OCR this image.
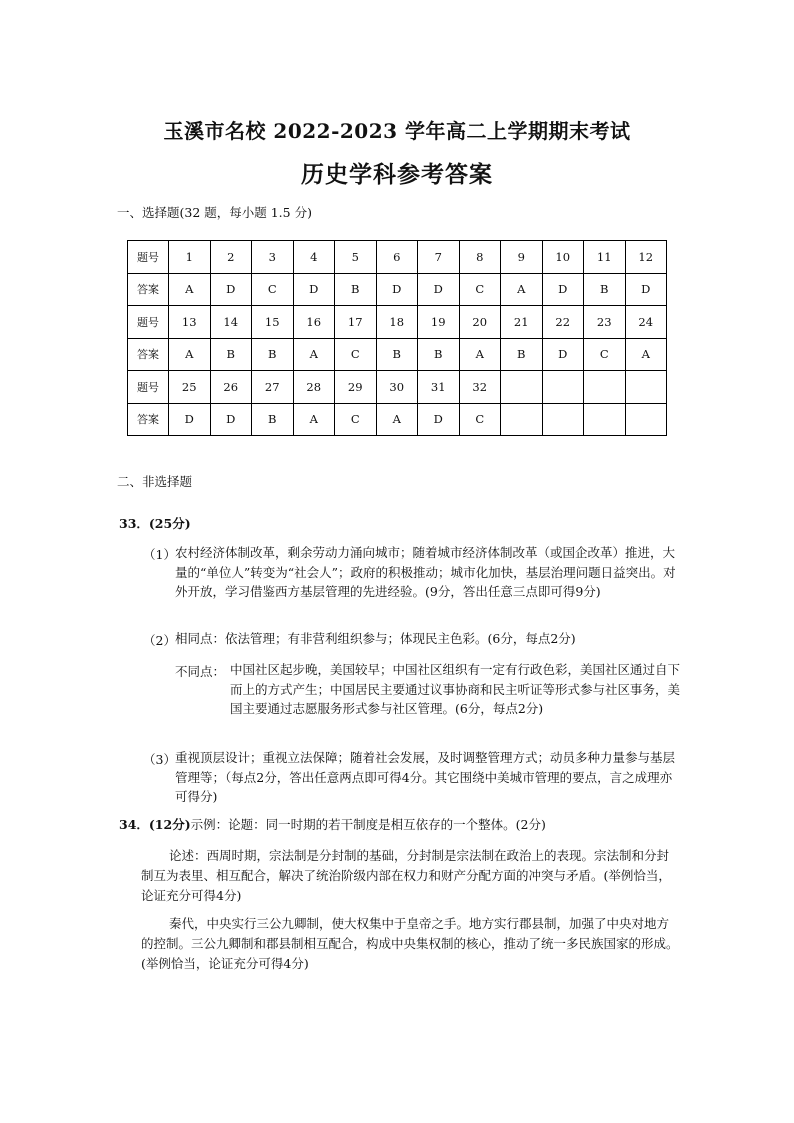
玉溪市名校 2022-2023 学年高二上学期期末考试
历史学科参考答案
一、选择题(32 题，每小题 1.5 分)
题号	1	2	3	4	5	6	7	8	9	10	11	12
答案	A	D	C	D	B	D	D	C	A	D	B	D
题号	13	14	15	16	17	18	19	20	21	22	23	24
答案	A	B	B	A	C	B	B	A	B	D	C	A
题号	25	26	27	28	29	30	31	32				
答案	D	D	B	A	C	A	D	C				
二、非选择题
33．(25分)
（1） 农村经济体制改革，剩余劳动力涌向城市；随着城市经济体制改革（或国企改革）推进，大量的“单位人”转变为“社会人”；政府的积极推动；城市化加快，基层治理问题日益突出。对外开放，学习借鉴西方基层管理的先进经验。(9分，答出任意三点即可得9分)
（2） 相同点：依法管理；有非营利组织参与；体现民主色彩。(6分，每点2分)
不同点： 中国社区起步晚，美国较早；中国社区组织有一定有行政色彩，美国社区通过自下而上的方式产生；中国居民主要通过议事协商和民主听证等形式参与社区事务，美国主要通过志愿服务形式参与社区管理。(6分，每点2分)
（3） 重视顶层设计；重视立法保障；随着社会发展，及时调整管理方式；动员多种力量参与基层管理等；（每点2分，答出任意两点即可得4分。其它围绕中美城市管理的要点，言之成理亦可得分)
34．(12分)示例：论题：同一时期的若干制度是相互依存的一个整体。(2分)
论述：西周时期，宗法制是分封制的基础，分封制是宗法制在政治上的表现。宗法制和分封制互为表里、相互配合，解决了统治阶级内部在权力和财产分配方面的冲突与矛盾。(举例恰当，论证充分可得4分)
秦代，中央实行三公九卿制，使大权集中于皇帝之手。地方实行郡县制，加强了中央对地方的控制。三公九卿制和郡县制相互配合，构成中央集权制的核心，推动了统一多民族国家的形成。(举例恰当，论证充分可得4分)
